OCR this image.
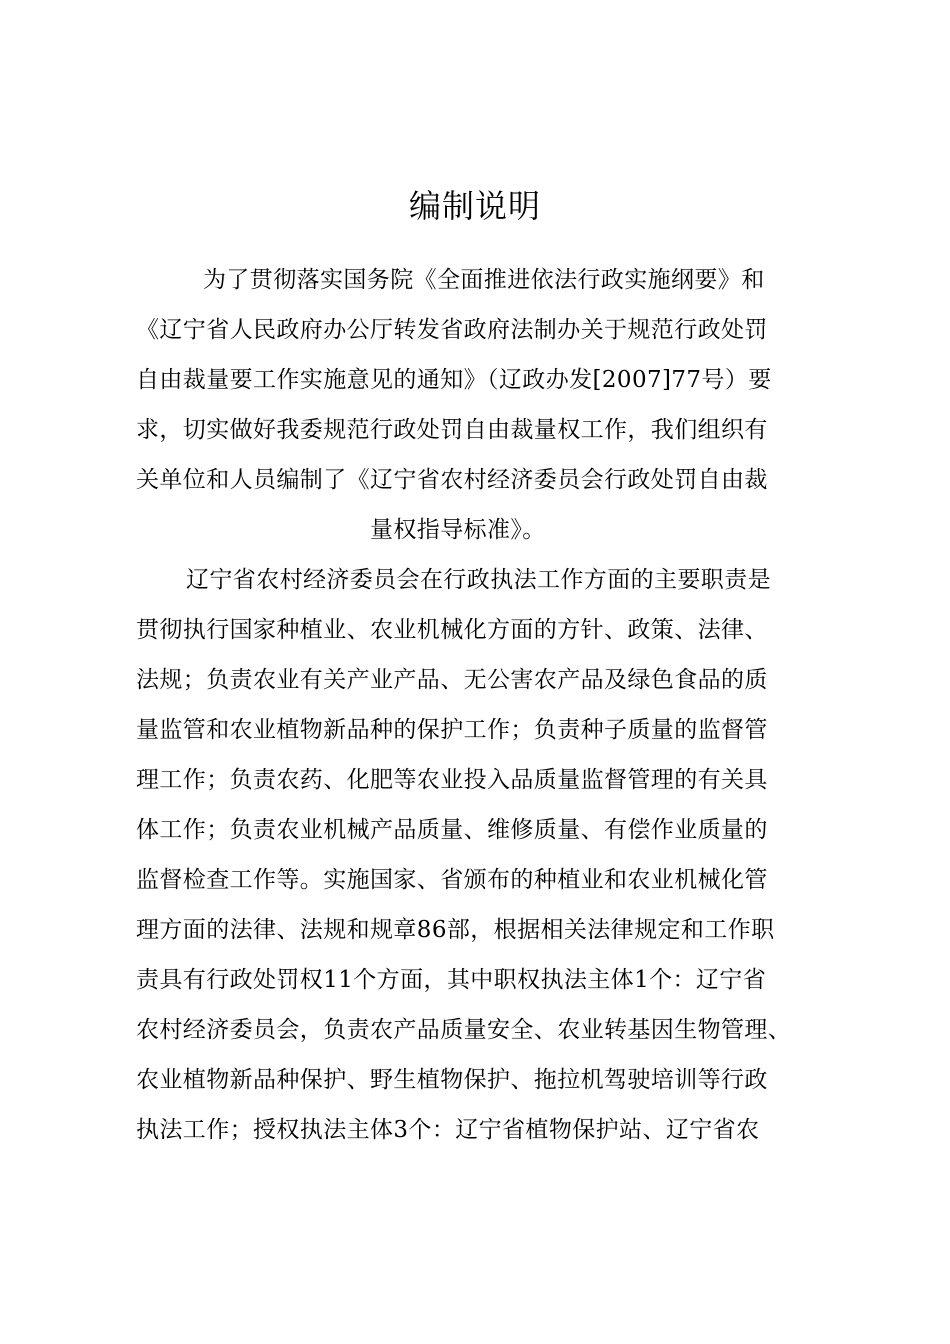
编制说明
为了贯彻落实国务院《全面推进依法行政实施纲要》和
《辽宁省人民政府办公厅转发省政府法制办关于规范行政处罚
自由裁量要工作实施意见的通知》（辽政办发[2007]77号）要
求，切实做好我委规范行政处罚自由裁量权工作，我们组织有
关单位和人员编制了《辽宁省农村经济委员会行政处罚自由裁
量权指导标准》。
辽宁省农村经济委员会在行政执法工作方面的主要职责是
贯彻执行国家种植业、农业机械化方面的方针、政策、法律、
法规；负责农业有关产业产品、无公害农产品及绿色食品的质
量监管和农业植物新品种的保护工作；负责种子质量的监督管
理工作；负责农药、化肥等农业投入品质量监督管理的有关具
体工作；负责农业机械产品质量、维修质量、有偿作业质量的
监督检查工作等。实施国家、省颁布的种植业和农业机械化管
理方面的法律、法规和规章86部，根据相关法律规定和工作职
责具有行政处罚权11个方面，其中职权执法主体1个：辽宁省
农村经济委员会，负责农产品质量安全、农业转基因生物管理、
农业植物新品种保护、野生植物保护、拖拉机驾驶培训等行政
执法工作；授权执法主体3个：辽宁省植物保护站、辽宁省农
